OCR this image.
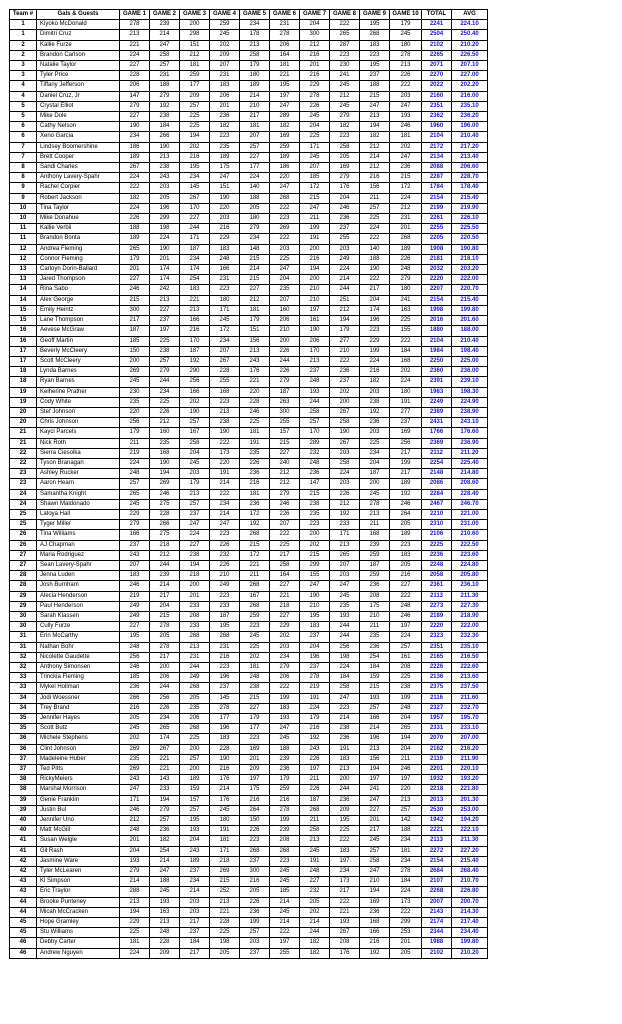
Team #	Gals & Guests	GAME 1	GAME 2	GAME 3	GAME 4	GAME 5	GAME 6	GAME 7	GAME 8	GAME 9	GAME 10	TOTAL	AVG
1	Kiyoko McDonald	278	239	200	259	234	231	204	222	195	179	2241	224.10
1	Dimitri Cruz	213	214	298	245	178	278	300	265	268	245	2504	250.40
2	Kallie Furze	221	247	151	202	213	206	212	287	183	180	2102	210.20
2	Brandon Carlson	224	258	212	209	258	164	216	223	223	278	2265	226.50
3	Natalie Taylor	227	257	181	207	179	181	201	230	195	213	2071	207.10
3	Tyler Price	228	231	259	231	180	221	216	241	237	226	2270	227.00
4	Tiffany Jefferson	206	188	177	183	189	195	229	245	188	222	2022	202.20
4	Daniel Cruz, Jr	147	279	209	206	214	197	278	212	215	203	2160	216.00
5	Crystal Elliot	279	192	257	201	210	247	226	245	247	247	2351	235.10
5	Mike Dole	227	238	225	236	217	289	245	279	213	193	2362	236.20
6	Cathy Nelson	190	184	225	182	181	182	204	182	194	246	1960	196.00
6	Xeno Garcia	234	266	194	223	207	169	225	223	182	181	2104	210.40
7	Lindsey Boomershine	186	190	202	235	257	259	171	258	212	202	2172	217.20
7	Brett Cooper	189	213	216	189	227	189	245	205	214	247	2134	213.40
8	Sandi Charles	267	238	195	175	177	186	207	169	212	236	2088	206.60
8	Anthony Lavery-Spahr	224	243	234	247	224	220	185	279	216	215	2287	228.70
9	Rachel Corpier	222	203	145	151	140	247	172	176	156	172	1784	178.40
9	Robert Jackson	182	205	267	190	188	268	215	204	211	224	2154	215.40
10	Tina Taylor	224	196	170	220	205	222	247	246	257	212	2199	219.90
10	Mike Donahue	226	299	227	203	180	223	211	236	225	231	2261	226.10
11	Kallie Verbil	188	198	244	216	279	269	199	237	224	201	2255	225.50
11	Brandon Bonta	189	224	171	229	234	222	191	255	222	268	2205	220.50
12	Andrea Fleming	265	190	187	183	148	203	200	203	140	189	1908	190.80
12	Connor Fleming	179	201	234	248	215	225	216	249	188	226	2181	218.10
13	Carloyn Dorin-Ballard	201	174	174	166	214	247	194	224	190	248	2032	203.20
13	Jared Thompson	227	174	254	231	215	204	200	214	222	279	2220	222.00
14	Rina Sabo	246	242	183	223	227	235	210	244	217	180	2207	220.70
14	Alex George	215	213	221	180	212	207	210	251	204	241	2154	215.40
15	Emily Heintz	300	227	213	171	181	160	197	212	174	163	1998	199.80
15	Lane Thompson	217	237	166	245	179	206	161	194	196	225	2016	201.60
16	Aevese McGraw	187	197	216	172	151	210	190	179	223	155	1880	188.00
16	Geoff Martin	185	225	170	234	156	200	206	277	229	222	2104	210.40
17	Beverly McCleery	150	238	187	207	213	226	170	210	199	184	1984	198.40
17	Scott McCleery	200	257	192	267	243	244	213	222	224	168	2250	225.00
18	Lynda Barnes	269	279	290	228	176	226	237	236	216	202	2360	236.00
18	Ryan Barnes	245	244	256	255	221	279	248	237	182	224	2391	239.10
19	Kelherine Prather	230	234	166	168	220	187	193	202	203	180	1983	198.30
19	Cody White	235	225	202	223	228	263	244	200	238	191	2249	224.90
20	Stef Johnson	220	226	190	213	246	300	258	267	192	277	2389	238.90
20	Chris Johnson	256	212	257	238	225	255	257	258	236	237	2431	243.10
21	Kayci Parcels	179	160	167	190	181	157	170	190	203	169	1766	176.60
21	Nick Roth	211	235	258	222	191	215	289	267	225	256	2369	236.90
22	Sierra Ciesolka	219	168	204	173	235	227	232	203	234	217	2112	211.20
22	Tyson Branagan	224	190	245	220	226	240	248	258	204	199	2254	225.40
23	Ashley Rucker	248	194	203	191	236	212	236	224	187	217	2148	214.80
23	Aaron Hearn	257	269	179	214	216	212	147	203	200	189	2086	208.60
24	Samantha Knight	265	246	213	222	181	279	215	226	245	192	2284	228.40
24	Shawn Maldonado	245	275	257	234	236	246	238	212	278	246	2467	246.70
25	Latoya Hall	229	228	237	214	172	226	235	192	213	264	2210	221.00
25	Tyger Miller	279	266	247	247	192	207	223	233	211	205	2310	231.00
26	Tina Williams	166	275	224	223	268	222	200	171	168	189	2106	210.60
26	AJ Chapman	237	218	227	226	215	225	202	213	239	223	2225	222.50
27	Maria Rodriguez	243	212	238	232	172	217	215	265	259	183	2236	223.60
27	Sean Lavery-Spahr	207	244	194	226	221	258	299	207	187	205	2248	224.80
28	Jenna Luden	183	239	218	210	211	164	155	203	259	216	2058	205.80
28	Josh Burnham	246	214	200	249	268	227	247	247	236	227	2361	236.10
29	Alecia Henderson	219	217	201	223	167	221	190	245	208	222	2113	211.30
29	Paul Henderson	249	204	233	233	268	218	210	235	175	248	2273	227.30
30	Sarah Klassen	249	215	208	187	259	227	195	193	210	246	2189	218.90
30	Cully Furze	227	278	233	195	223	229	183	244	211	197	2220	222.00
31	Erin McCarthy	195	205	268	268	245	202	237	244	235	224	2323	232.30
31	Nathan Bohr	248	278	213	231	225	203	204	256	236	257	2351	235.10
32	Nicolette Gaudette	256	217	231	216	202	234	196	198	254	161	2165	216.50
32	Anthony Simonsen	246	200	244	223	181	279	237	224	184	208	2226	222.60
33	Trinckia Fleming	185	206	249	196	248	206	278	184	159	225	2136	213.60
33	Mykel Hollman	236	244	268	237	238	222	219	258	215	238	2375	237.50
34	Jodi Woessner	266	256	205	145	215	199	191	247	193	199	2116	211.60
34	Trey Brand	216	226	235	278	227	183	224	223	257	248	2327	232.70
35	Jennifer Hayes	205	234	206	177	179	193	179	214	166	204	1957	195.70
35	Scott Butz	245	265	268	196	177	247	216	238	214	265	2331	233.10
36	Michele Stephens	202	174	225	183	223	245	192	236	196	194	2070	207.00
36	Clint Johnson	269	267	200	228	169	188	243	191	213	204	2162	216.20
37	Madeleine Huber	235	221	257	190	201	239	226	183	156	211	2119	211.90
37	Ted Pitts	269	221	200	216	209	236	197	213	194	246	2201	220.10
38	RickyMeiers	243	143	189	176	197	179	211	200	197	197	1932	193.20
38	Marshal Morrison	247	233	159	214	175	259	226	244	241	220	2218	221.80
39	Genie Franklin	171	194	157	176	216	216	187	236	247	213	2013	201.30
39	Justin Bul	246	279	257	245	264	278	268	209	227	257	2530	253.00
40	Jennifer Uno	212	257	195	180	150	199	211	195	201	142	1942	194.20
40	Matt McGill	248	236	193	191	226	239	258	225	217	188	2221	222.10
41	Susan Weigle	201	182	204	181	223	208	213	222	245	234	2113	211.30
41	Gil Rash	204	254	243	171	268	268	245	183	257	181	2272	227.20
42	Jasmine Ware	193	214	189	218	237	223	191	197	258	234	2154	215.40
42	Tyler McLearen	279	247	237	269	300	245	248	234	247	278	2684	268.40
43	Kl Simpson	214	188	234	215	216	245	227	173	210	184	2107	210.70
43	Eric Traylor	288	245	214	252	205	185	232	217	194	224	2268	226.80
44	Brooke Punteney	213	193	203	213	226	214	205	222	169	173	2007	200.70
44	Micah McCracken	194	163	203	221	236	245	202	221	236	222	2143	214.30
45	Hope Gramley	229	213	217	228	199	214	214	193	168	299	2174	217.40
45	Stu Williams	225	248	237	225	257	222	244	267	166	253	2344	234.40
46	Debby Carter	181	228	184	198	203	197	182	208	216	201	1988	199.80
46	Andrew Nguyen	224	209	217	205	237	255	182	176	192	205	2102	210.20
